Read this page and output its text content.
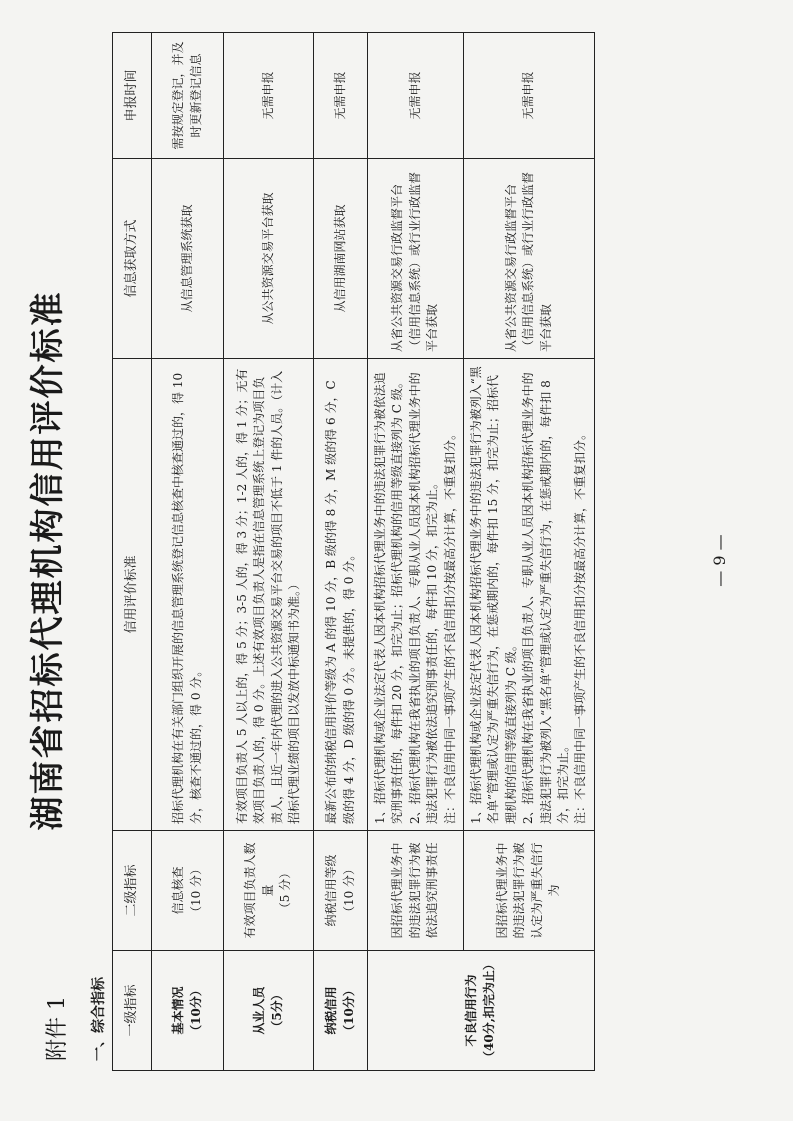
附件 1
湖南省招标代理机构信用评价标准
一、综合指标 一级指标	二级指标	信用评价标准	信息获取方式	申报时间

基本情况 （10分）	信息核查 （10 分）	招标代理机构在有关部门组织开展的信息管理系统登记信息核查中核查通过的，得 10 分，核查不通过的，得 0 分。	从信息管理系统获取	需按规定登记，并及时更新登记信息

从业人员 （5分）	有效项目负责人数量 （5 分）	有效项目负责人 5 人以上的，得 5 分；3-5 人的，得 3 分；1-2 人的，得 1 分；无有效项目负责人的，得 0 分。上述有效项目负责人是指在信息管理系统上登记为项目负责人，且近一年内代理的进入公共资源交易平台交易的项目不低于 1 件的人员。（计入招标代理业绩的项目以发放中标通知书为准。）	从公共资源交易平台获取	无需申报

纳税信用 （10分）	纳税信用等级 （10 分）	最新公布的纳税信用评价等级为 A 的得 10 分，B 级的得 8 分，M 级的得 6 分，C 级的得 4 分，D 级的得 0 分。未提供的，得 0 分。	从信用湖南网站获取	无需申报

不良信用行为 （40分,扣完为止）	因招标代理业务中的违法犯罪行为被依法追究刑事责任	1、招标代理机构或企业法定代表人因本机构招标代理业务中的违法犯罪行为被依法追究刑事责任的，每件扣 20 分，扣完为止；招标代理机构的信用等级直接列为 C 级。 2、招标代理机构在我省执业的项目负责人、专职从业人员因本机构招标代理业务中的违法犯罪行为被依法追究刑事责任的，每件扣 10 分，扣完为止。 注：不良信用中同一事项产生的不良信用扣分按最高分计算，不重复扣分。	从省公共资源交易行政监督平台（信用信息系统）或行业行政监督平台获取	无需申报

	因招标代理业务中的违法犯罪行为被认定为严重失信行为	1、招标代理机构或企业法定代表人因本机构招标代理业务中的违法犯罪行为被列入“黑名单”管理或认定为严重失信行为，在惩戒期内的，每件扣 15 分，扣完为止；招标代理机构的信用等级直接列为 C 级。 2、招标代理机构在我省执业的项目负责人、专职从业人员因本机构招标代理业务中的违法犯罪行为被列入“黑名单”管理或认定为严重失信行为，在惩戒期内的，每件扣 8 分，扣完为止。 注：不良信用中同一事项产生的不良信用扣分按最高分计算，不重复扣分。	从省公共资源交易行政监督平台（信用信息系统）或行业行政监督平台获取	无需申报
— 9 —
